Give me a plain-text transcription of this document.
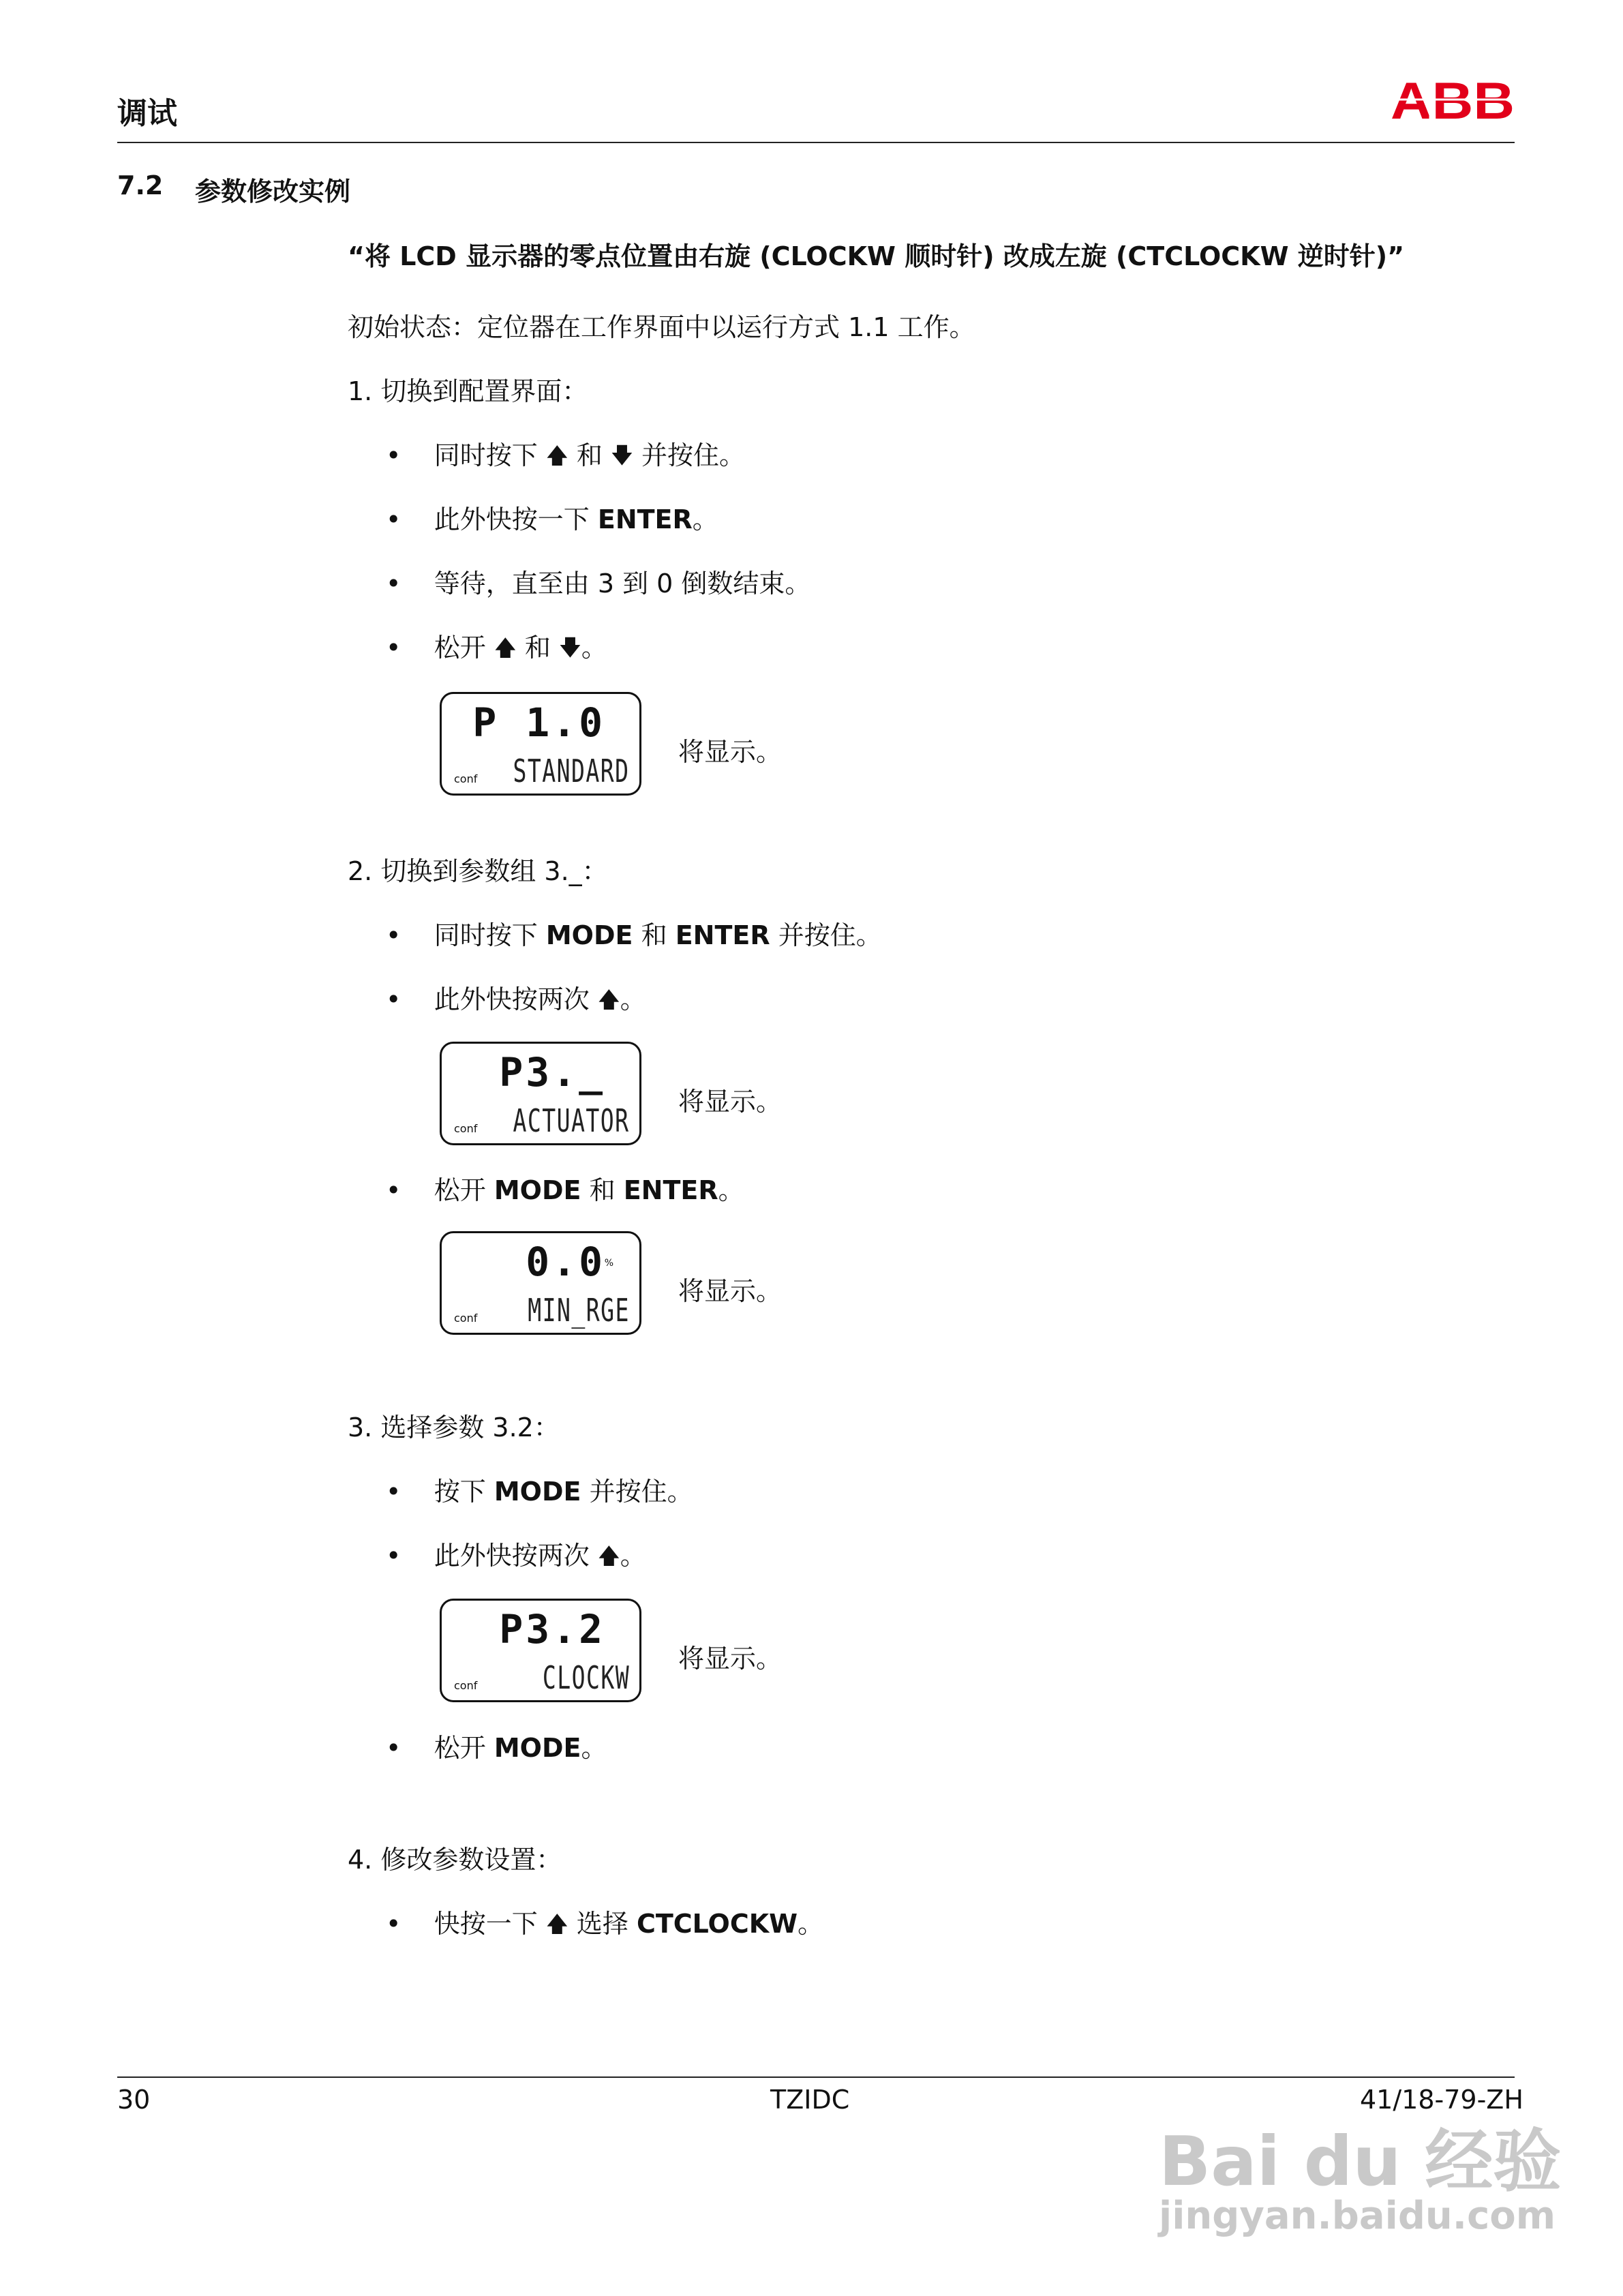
调试	ABB
7.2 参数修改实例
“将 LCD 显示器的零点位置由右旋 (CLOCKW 顺时针) 改成左旋 (CTCLOCKW 逆时针)”
初始状态：定位器在工作界面中以运行方式 1.1 工作。
1. 切换到配置界面：
• 同时按下 🡅 和 🡇 并按住。
• 此外快按一下 ENTER。
• 等待，直至由 3 到 0 倒数结束。
• 松开 🡅 和 🡇。
P 1.0
conf STANDARD
将显示。
2. 切换到参数组 3._：
• 同时按下 MODE 和 ENTER 并按住。
• 此外快按两次 🡅。
P3._
conf ACTUATOR
将显示。
• 松开 MODE 和 ENTER。
0.0
%
conf MIN_RGE
将显示。
3. 选择参数 3.2：
• 按下 MODE 并按住。
• 此外快按两次 🡅。
P3.2
conf CLOCKW
将显示。
• 松开 MODE。
4. 修改参数设置：
• 快按一下 🡅 选择 CTCLOCKW。
30	TZIDC	41/18-79-ZH
Bai du 经验
jingyan.baidu.com
